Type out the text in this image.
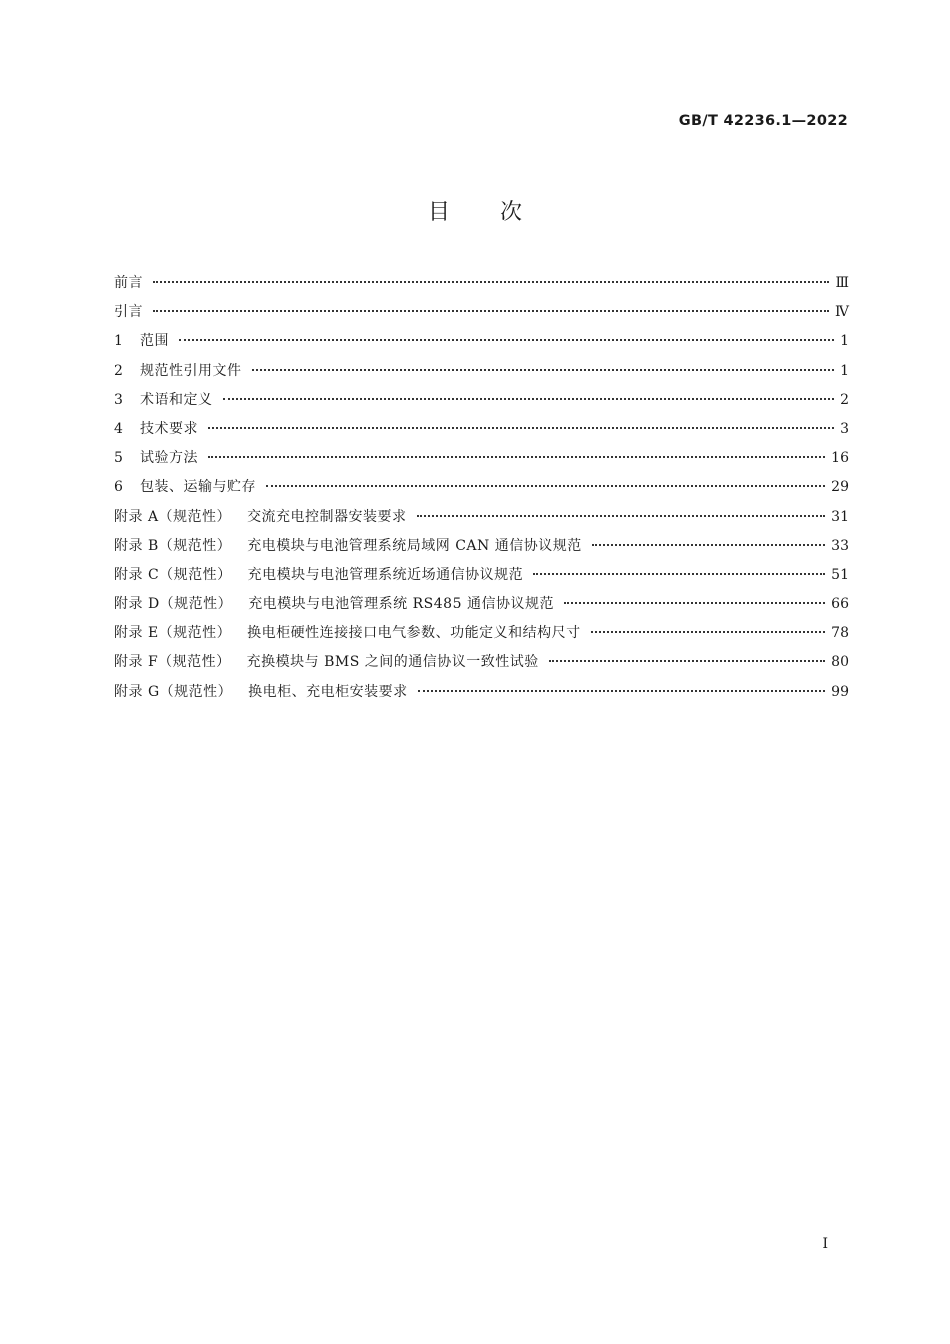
GB/T 42236.1—2022
目次
前言	Ⅲ
引言	Ⅳ
1	范围	1
2	规范性引用文件	1
3	术语和定义	2
4	技术要求	3
5	试验方法	16
6	包装、运输与贮存	29
附录 A（规范性） 交流充电控制器安装要求	31
附录 B（规范性） 充电模块与电池管理系统局域网 CAN 通信协议规范	33
附录 C（规范性） 充电模块与电池管理系统近场通信协议规范	51
附录 D（规范性） 充电模块与电池管理系统 RS485 通信协议规范	66
附录 E（规范性） 换电柜硬性连接接口电气参数、功能定义和结构尺寸	78
附录 F（规范性） 充换模块与 BMS 之间的通信协议一致性试验	80
附录 G（规范性） 换电柜、充电柜安装要求	99
I
